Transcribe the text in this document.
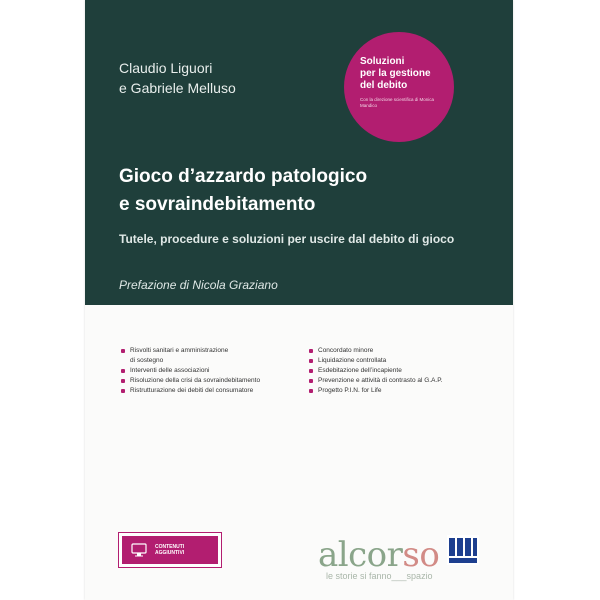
Claudio Liguori
e Gabriele Melluso
Soluzioni
per la gestione
del debito
Con la direzione scientifica di Monica Mandico
Gioco d’azzardo patologico
e sovraindebitamento
Tutele, procedure e soluzioni per uscire dal debito di gioco
Prefazione di Nicola Graziano
Risvolti sanitari e amministrazione
di sostegno
Interventi delle associazioni
Risoluzione della crisi da sovraindebitamento
Ristrutturazione dei debiti del consumatore
Concordato minore
Liquidazione controllata
Esdebitazione dell’incapiente
Prevenzione e attività di contrasto al G.A.P.
Progetto P.I.N. for Life
CONTENUTI
AGGIUNTIVI	alcorso
le storie si fanno___spazio
